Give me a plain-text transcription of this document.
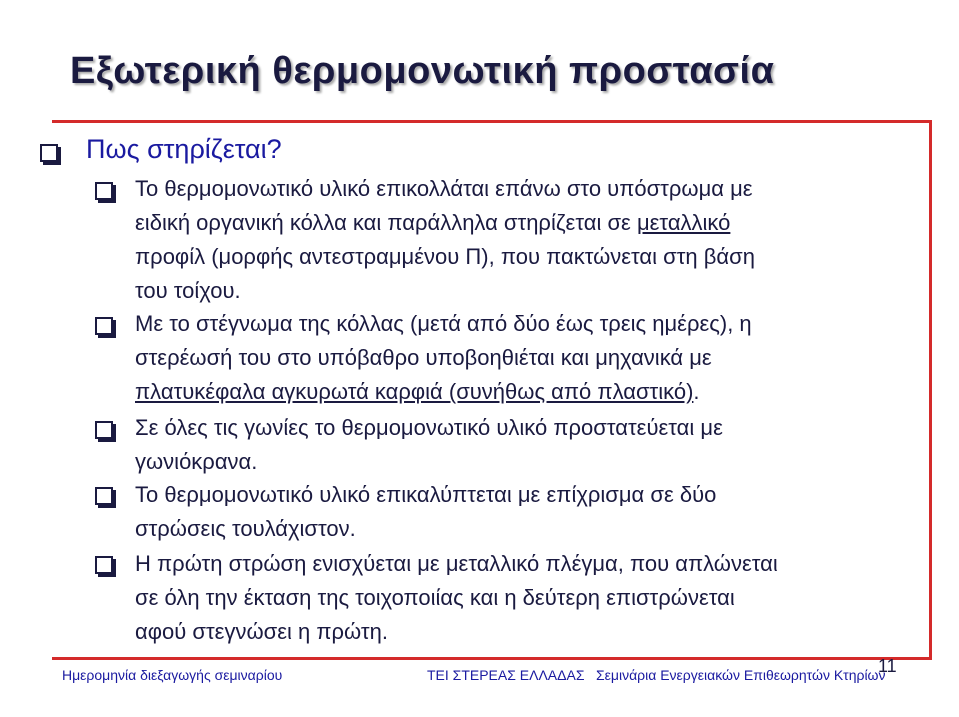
Εξωτερική θερμομονωτική προστασία
Πως στηρίζεται?
Το θερμομονωτικό υλικό επικολλάται επάνω στο υπόστρωμα με
ειδική οργανική κόλλα και παράλληλα στηρίζεται σε μεταλλικό
προφίλ (μορφής αντεστραμμένου Π), που πακτώνεται στη βάση
του τοίχου.
Με το στέγνωμα της κόλλας (μετά από δύο έως τρεις ημέρες), η
στερέωσή του στο υπόβαθρο υποβοηθιέται και μηχανικά με
πλατυκέφαλα αγκυρωτά καρφιά (συνήθως από πλαστικό).
Σε όλες τις γωνίες το θερμομονωτικό υλικό προστατεύεται με
γωνιόκρανα.
Το θερμομονωτικό υλικό επικαλύπτεται με επίχρισμα σε δύο
στρώσεις τουλάχιστον.
Η πρώτη στρώση ενισχύεται με μεταλλικό πλέγμα, που απλώνεται
σε όλη την έκταση της τοιχοποιίας και η δεύτερη επιστρώνεται
αφού στεγνώσει η πρώτη.
Ημερομηνία διεξαγωγής σεμιναρίου	ΤΕΙ ΣΤΕΡΕΑΣ ΕΛΛΑΔΑΣ Σεμινάρια Ενεργειακών Επιθεωρητών Κτηρίων
11
